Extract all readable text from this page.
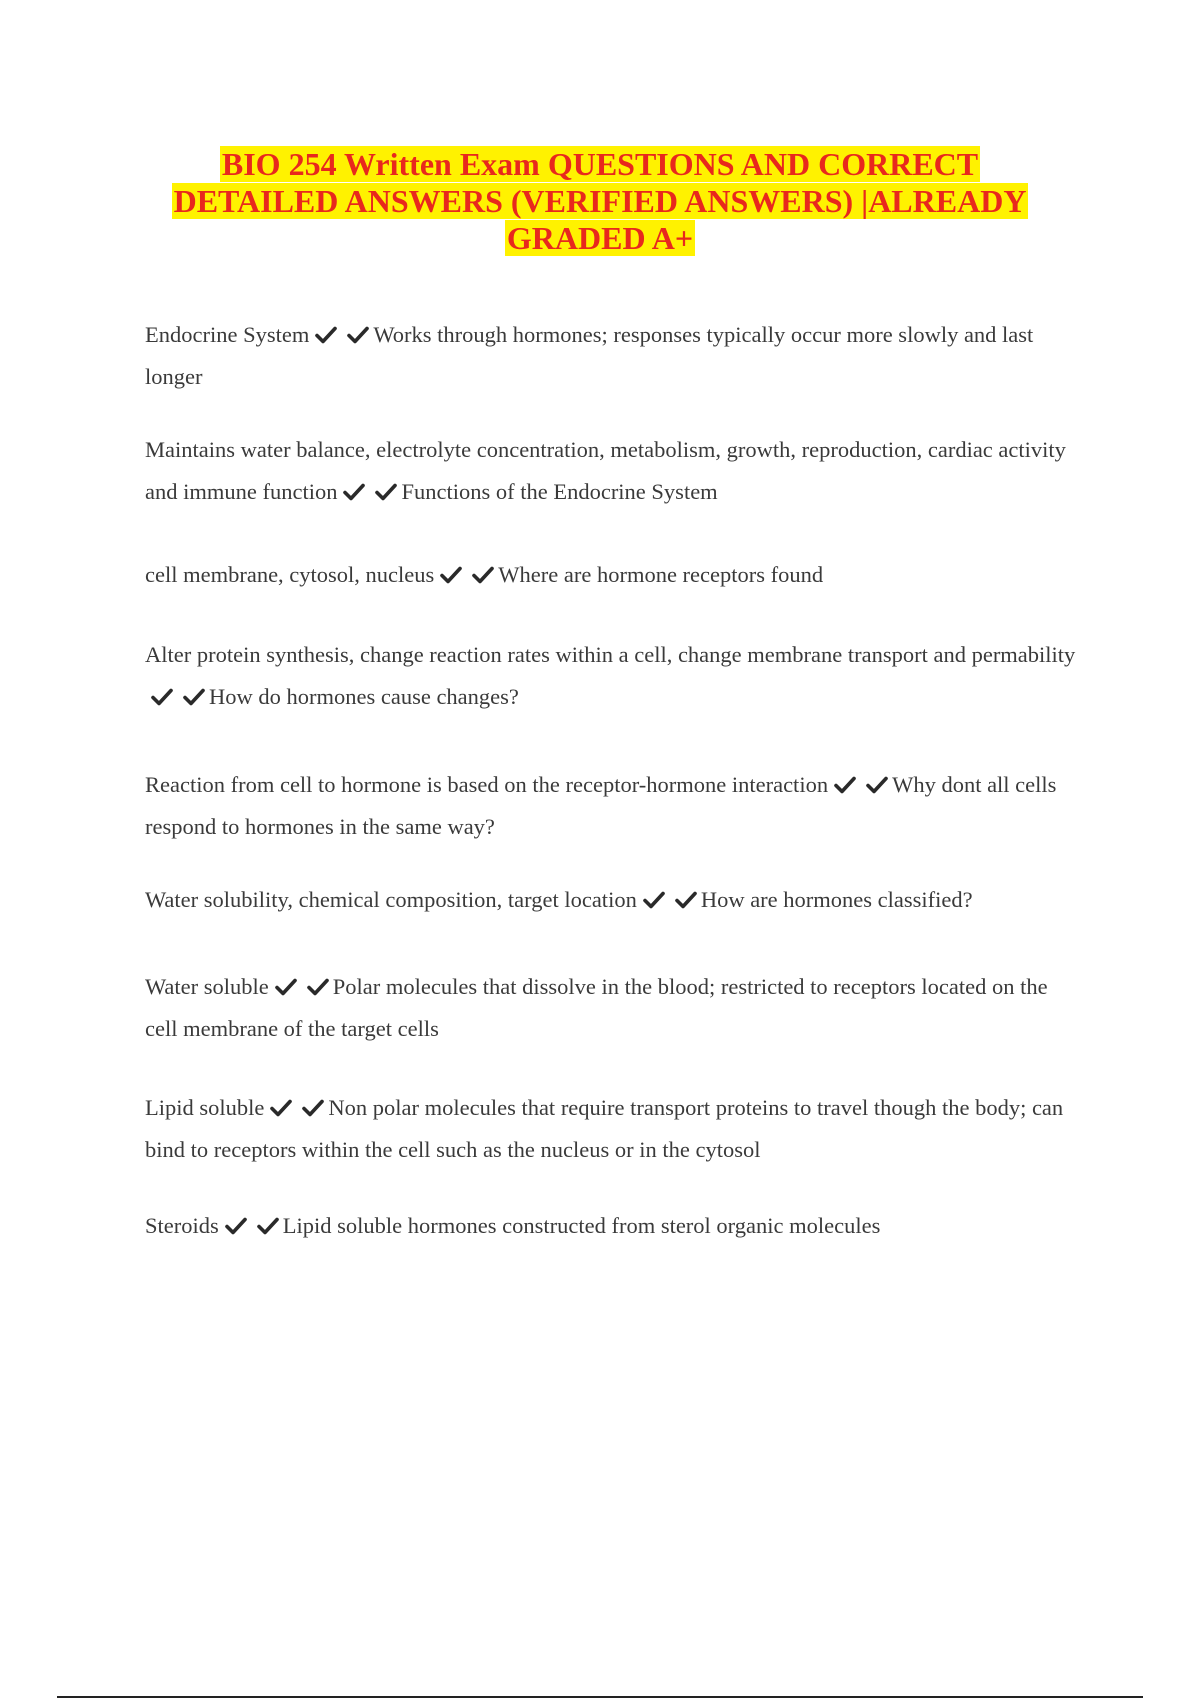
BIO 254 Written Exam QUESTIONS AND CORRECT
DETAILED ANSWERS (VERIFIED ANSWERS) |ALREADY
GRADED A+
Endocrine System	Works through hormones; responses typically occur more slowly and last longer
Maintains water balance, electrolyte concentration, metabolism, growth, reproduction, cardiac activity and immune function	Functions of the Endocrine System
cell membrane, cytosol, nucleus	Where are hormone receptors found
Alter protein synthesis, change reaction rates within a cell, change membrane transport and permability
How do hormones cause changes?
Reaction from cell to hormone is based on the receptor-hormone interaction	Why dont all cells respond to hormones in the same way?
Water solubility, chemical composition, target location	How are hormones classified?
Water soluble	Polar molecules that dissolve in the blood; restricted to receptors located on the cell membrane of the target cells
Lipid soluble	Non polar molecules that require transport proteins to travel though the body; can bind to receptors within the cell such as the nucleus or in the cytosol
Steroids	Lipid soluble hormones constructed from sterol organic molecules
